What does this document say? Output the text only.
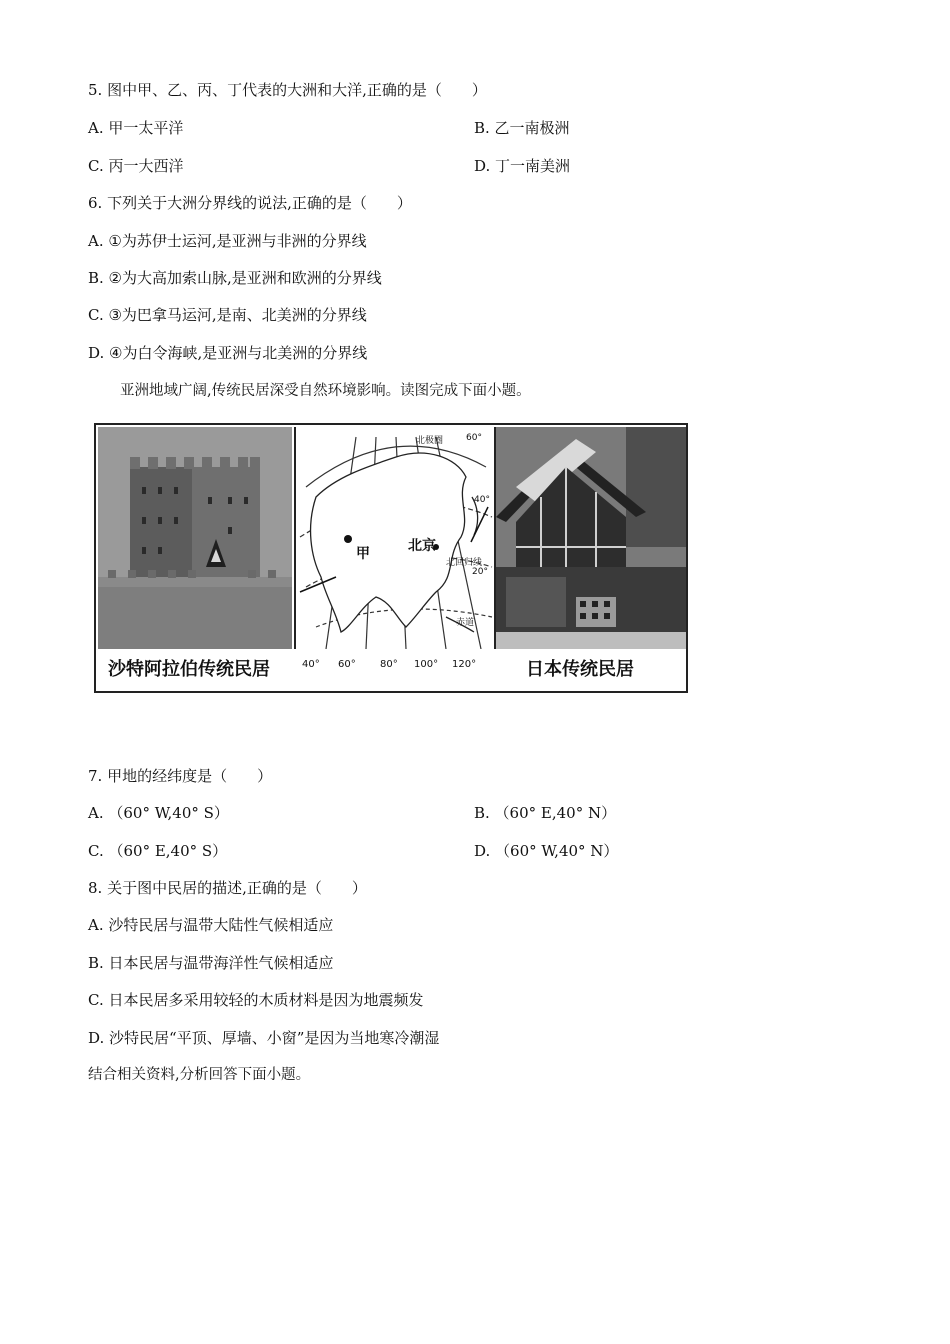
5. 图中甲、乙、丙、丁代表的大洲和大洋,正确的是（　　）
A. 甲一太平洋	B. 乙一南极洲
C. 丙一大西洋	D. 丁一南美洲
6. 下列关于大洲分界线的说法,正确的是（　　）
A. ①为苏伊士运河,是亚洲与非洲的分界线
B. ②为大高加索山脉,是亚洲和欧洲的分界线
C. ③为巴拿马运河,是南、北美洲的分界线
D. ④为白令海峡,是亚洲与北美洲的分界线
亚洲地域广阔,传统民居深受自然环境影响。读图完成下面小题。
甲	北京
北回归线
赤道
北极圈	60°
40°
20°
沙特阿拉伯传统民居	日本传统民居
40° 60° 80° 100° 120°
7. 甲地的经纬度是（　　）
A. （60° W,40° S）	B. （60° E,40° N）
C. （60° E,40° S）	D. （60° W,40° N）
8. 关于图中民居的描述,正确的是（　　）
A. 沙特民居与温带大陆性气候相适应
B. 日本民居与温带海洋性气候相适应
C. 日本民居多采用较轻的木质材料是因为地震频发
D. 沙特民居“平顶、厚墙、小窗”是因为当地寒冷潮湿
结合相关资料,分析回答下面小题。
